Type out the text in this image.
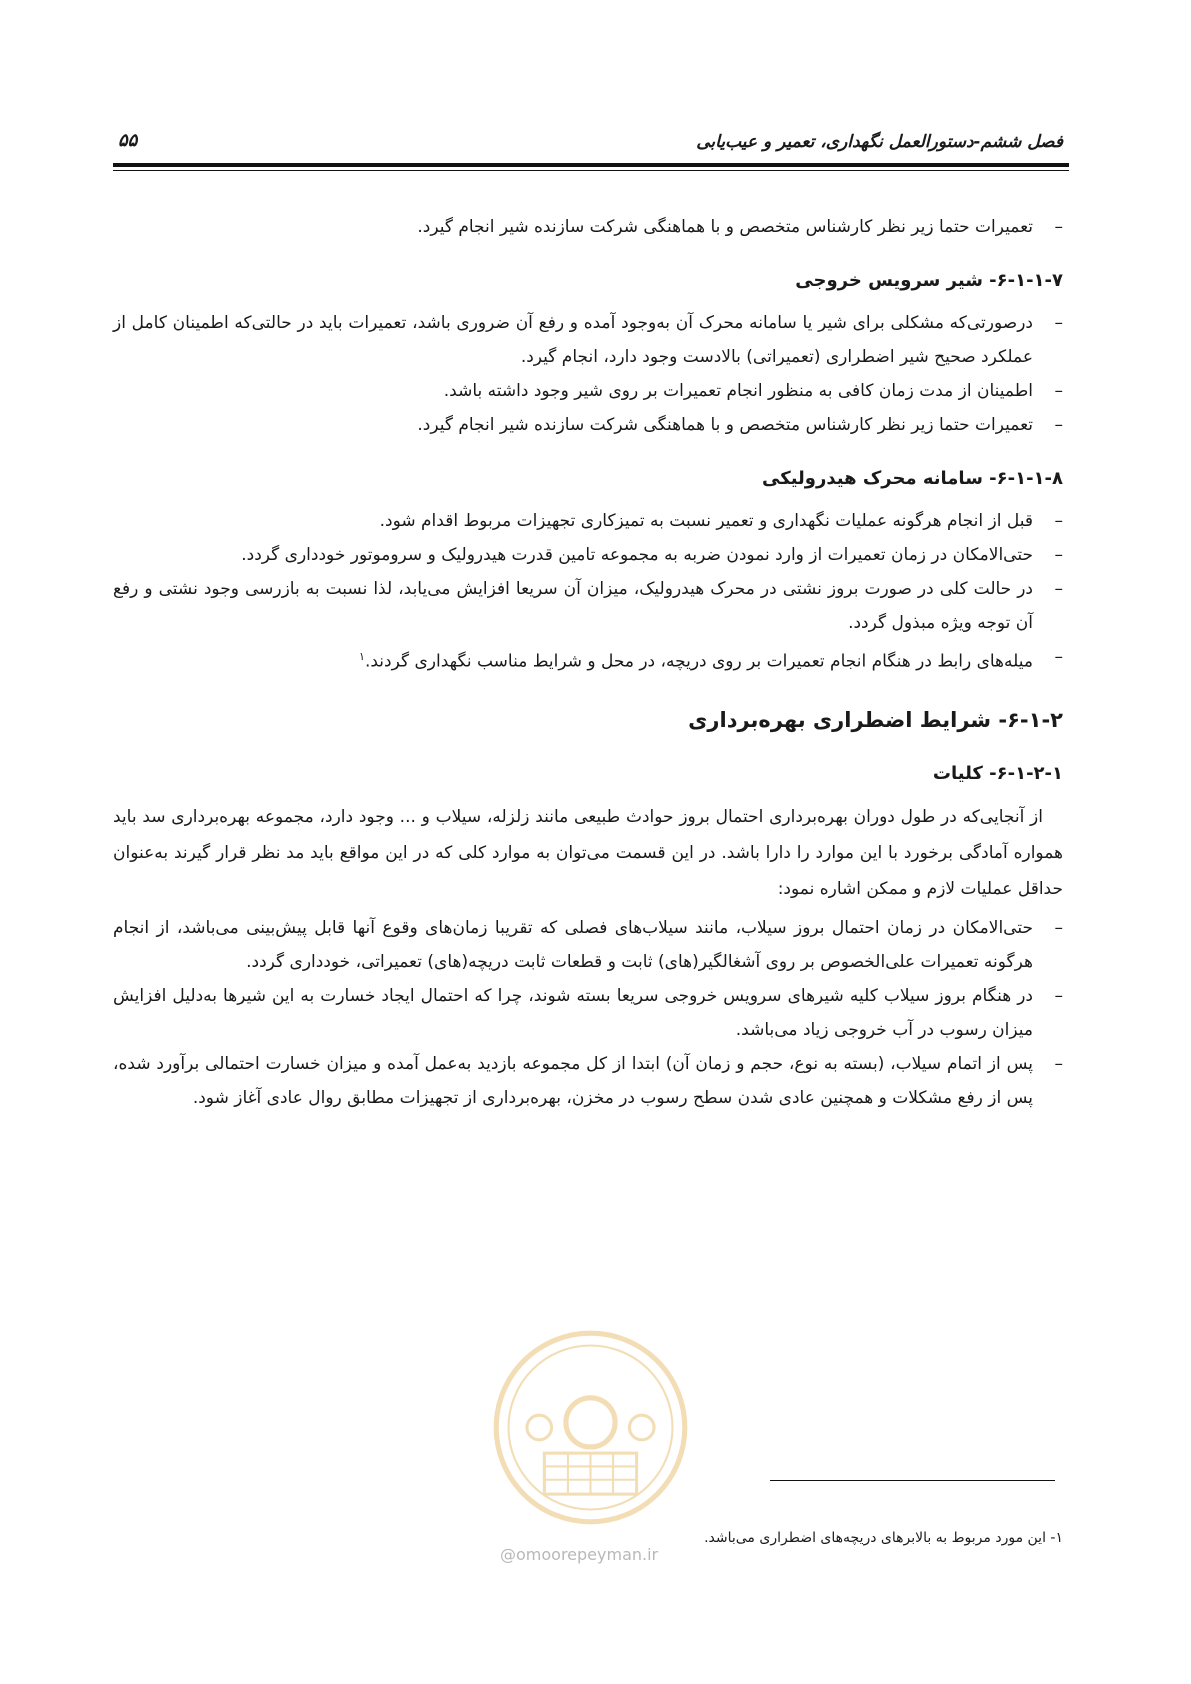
فصل ششم-دستورالعمل نگهداری، تعمیر و عیب‌یابی
۵۵
–
تعمیرات حتما زیر نظر کارشناس متخصص و با هماهنگی شرکت سازنده شیر انجام گیرد.
۶-۱-۱-۷- شیر سرویس خروجی
–
درصورتی‌که مشکلی برای شیر یا سامانه محرک آن به‌وجود آمده و رفع آن ضروری باشد، تعمیرات باید در حالتی‌که اطمینان کامل از عملکرد صحیح شیر اضطراری (تعمیراتی) بالادست وجود دارد، انجام گیرد.
–
اطمینان از مدت زمان کافی به منظور انجام تعمیرات بر روی شیر وجود داشته باشد.
–
تعمیرات حتما زیر نظر کارشناس متخصص و با هماهنگی شرکت سازنده شیر انجام گیرد.
۶-۱-۱-۸- سامانه محرک هیدرولیکی
–
قبل از انجام هرگونه عملیات نگهداری و تعمیر نسبت به تمیزکاری تجهیزات مربوط اقدام شود.
–
حتی‌الامکان در زمان تعمیرات از وارد نمودن ضربه به مجموعه تامین قدرت هیدرولیک و سروموتور خودداری گردد.
–
در حالت کلی در صورت بروز نشتی در محرک هیدرولیک، میزان آن سریعا افزایش می‌یابد، لذا نسبت به بازرسی وجود نشتی و رفع آن توجه ویژه مبذول گردد.
–
میله‌های رابط در هنگام انجام تعمیرات بر روی دریچه، در محل و شرایط مناسب نگهداری گردند.$^۱$
۶-۱-۲- شرایط اضطراری بهره‌برداری
۶-۱-۲-۱- کلیات
از آنجایی‌که در طول دوران بهره‌برداری احتمال بروز حوادث طبیعی مانند زلزله، سیلاب و ... وجود دارد، مجموعه بهره‌برداری سد باید همواره آمادگی برخورد با این موارد را دارا باشد. در این قسمت می‌توان به موارد کلی که در این مواقع باید مد نظر قرار گیرند به‌عنوان حداقل عملیات لازم و ممکن اشاره نمود:
–
حتی‌الامکان در زمان احتمال بروز سیلاب، مانند سیلاب‌های فصلی که تقریبا زمان‌های وقوع آنها قابل پیش‌بینی می‌باشد، از انجام هرگونه تعمیرات علی‌الخصوص بر روی آشغالگیر(های) ثابت و قطعات ثابت دریچه(های) تعمیراتی، خودداری گردد.
–
در هنگام بروز سیلاب کلیه شیرهای سرویس خروجی سریعا بسته شوند، چرا که احتمال ایجاد خسارت به این شیرها به‌دلیل افزایش میزان رسوب در آب خروجی زیاد می‌باشد.
–
پس از اتمام سیلاب، (بسته به نوع، حجم و زمان آن) ابتدا از کل مجموعه بازدید به‌عمل آمده و میزان خسارت احتمالی برآورد شده، پس از رفع مشکلات و همچنین عادی شدن سطح رسوب در مخزن، بهره‌برداری از تجهیزات مطابق روال عادی آغاز شود.
@omoorepeyman.ir
۱- این مورد مربوط به بالابرهای دریچه‌های اضطراری می‌باشد.
